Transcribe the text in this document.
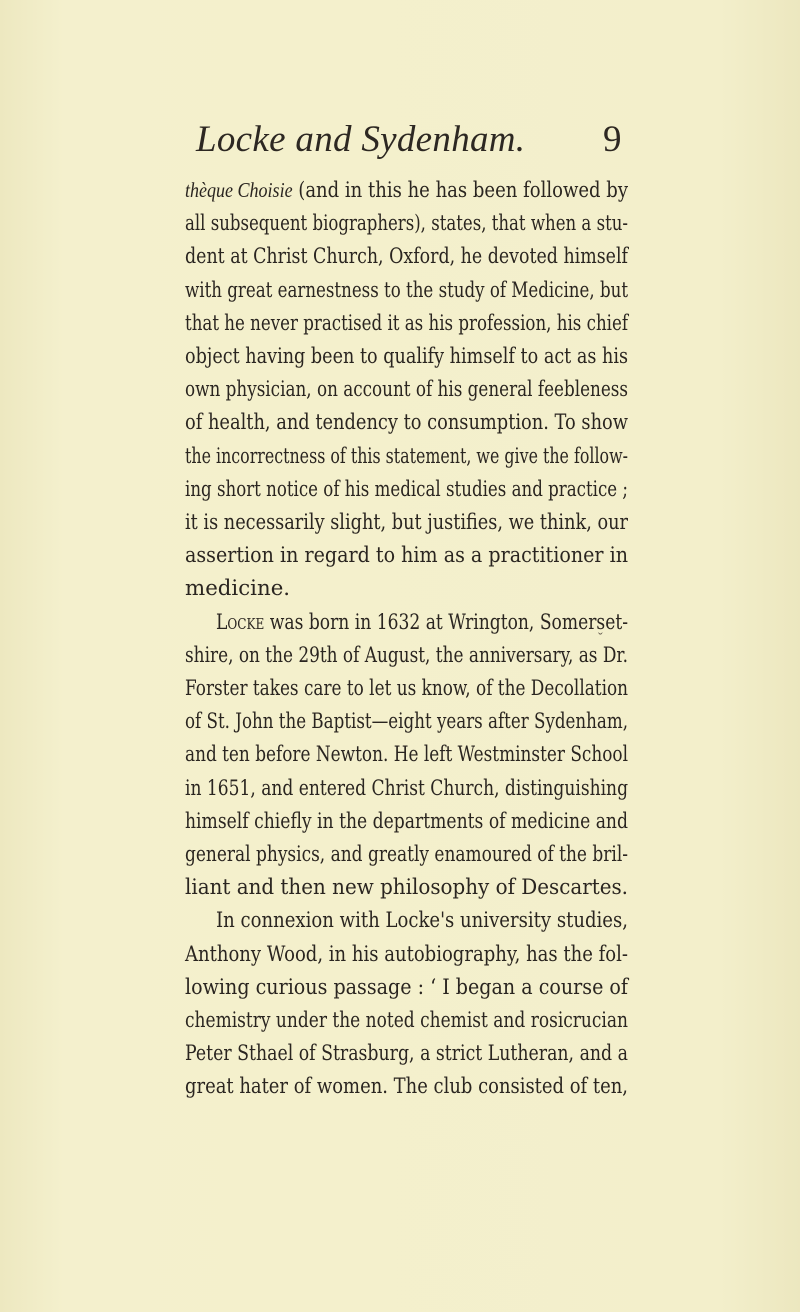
Locke and Sydenham. 9
thèque Choisie (and in this he has been followed by
all subsequent biographers), states, that when a stu-
dent at Christ Church, Oxford, he devoted himself
with great earnestness to the study of Medicine, but
that he never practised it as his profession, his chief
object having been to qualify himself to act as his
own physician, on account of his general feebleness
of health, and tendency to consumption. To show
the incorrectness of this statement, we give the follow-
ing short notice of his medical studies and practice ;
it is necessarily slight, but justifies, we think, our
assertion in regard to him as a practitioner in
medicine.
Locke was born in 1632 at Wrington, Somerset-
shire, on the 29th of August, the anniversary, as Dr.
Forster takes care to let us know, of the Decollation
of St. John the Baptist—eight years after Sydenham,
and ten before Newton. He left Westminster School
in 1651, and entered Christ Church, distinguishing
himself chiefly in the departments of medicine and
general physics, and greatly enamoured of the bril-
liant and then new philosophy of Descartes.
In connexion with Locke's university studies,
Anthony Wood, in his autobiography, has the fol-
lowing curious passage : ‘ I began a course of
chemistry under the noted chemist and rosicrucian
Peter Sthael of Strasburg, a strict Lutheran, and a
great hater of women. The club consisted of ten,
ˇ
